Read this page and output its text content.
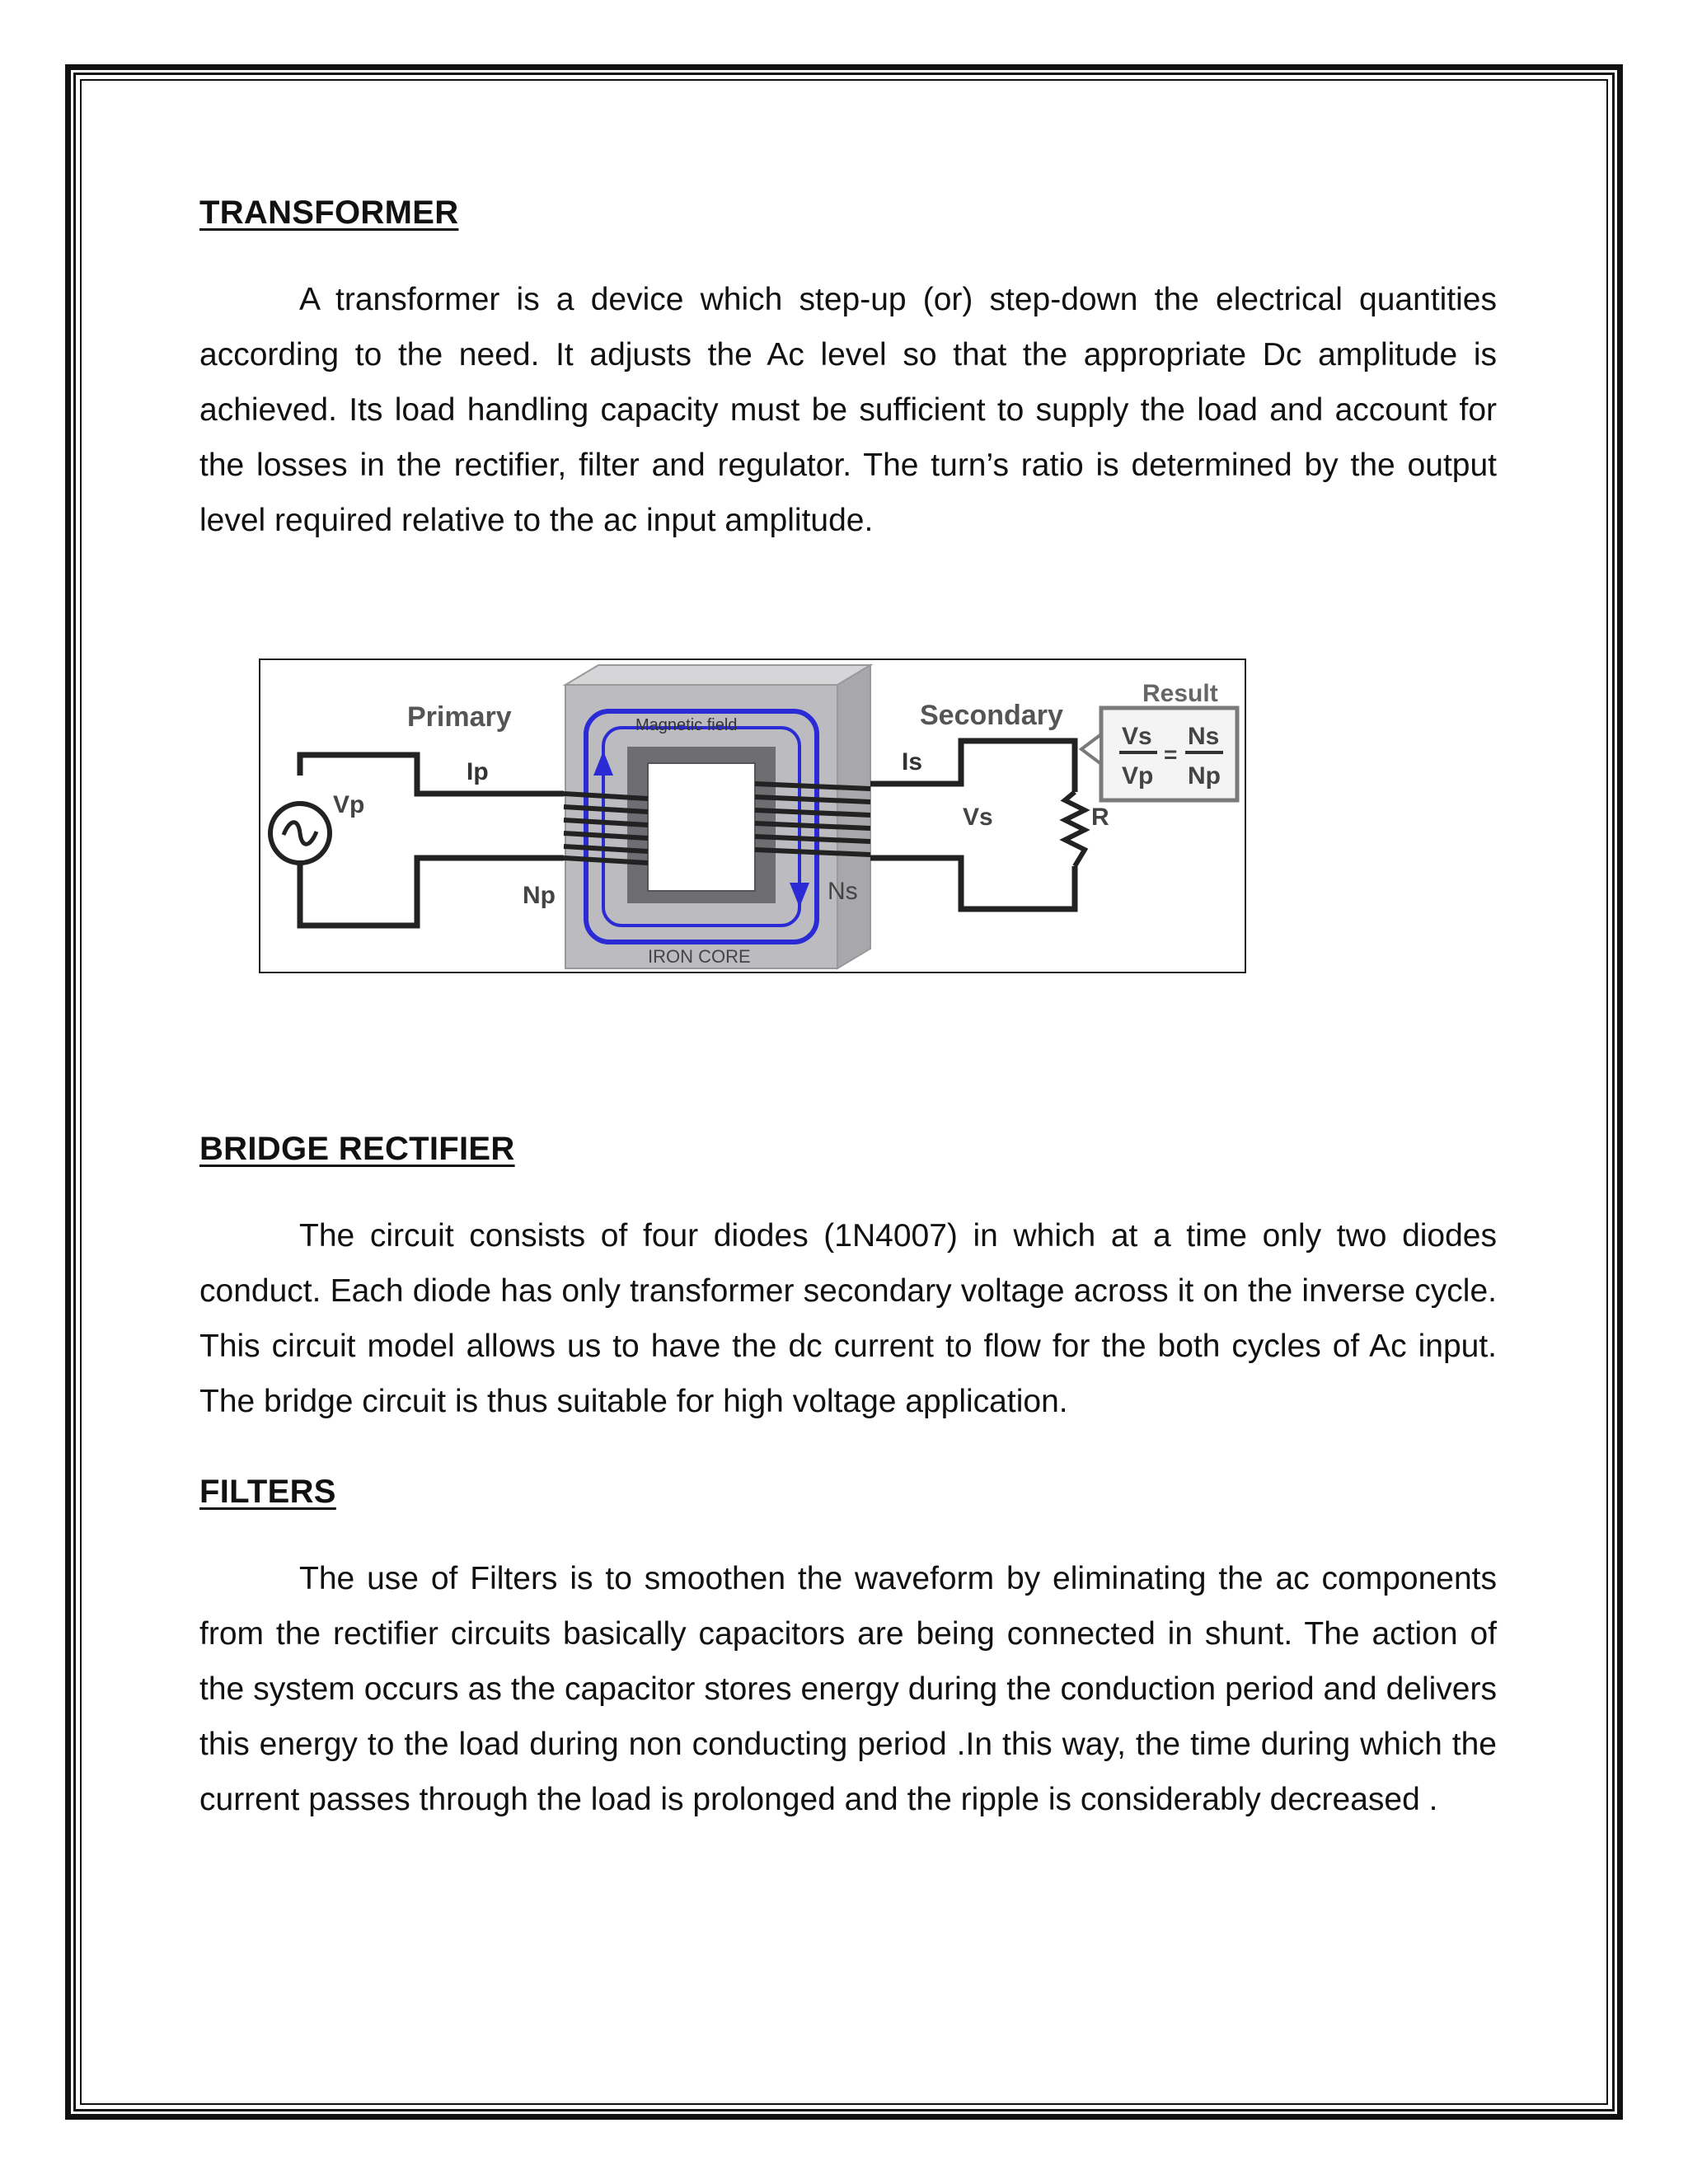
TRANSFORMER
A transformer is a device which step-up (or) step-down the electrical quantities according to the need. It adjusts the Ac level so that the appropriate Dc amplitude is achieved. Its load handling capacity must be sufficient to supply the load and account for the losses in the rectifier, filter and regulator. The turn’s ratio is determined by the output level required relative to the ac input amplitude.
Primary	Magnetic field	Secondary
Result
Vp
Ip
Np
IRON CORE
Is
Vs
Ns
R
Vs
Vp
=
Ns
Np
BRIDGE RECTIFIER
The circuit consists of four diodes (1N4007) in which at a time only two diodes conduct. Each diode has only transformer secondary voltage across it on the inverse cycle. This circuit model allows us to have the dc current to flow for the both cycles of Ac input. The bridge circuit is thus suitable for high voltage application.
FILTERS
The use of Filters is to smoothen the waveform by eliminating the ac components from the rectifier circuits basically capacitors are being connected in shunt. The action of the system occurs as the capacitor stores energy during the conduction period and delivers this energy to the load during non conducting period .In this way, the time during which the current passes through the load is prolonged and the ripple is considerably decreased .
